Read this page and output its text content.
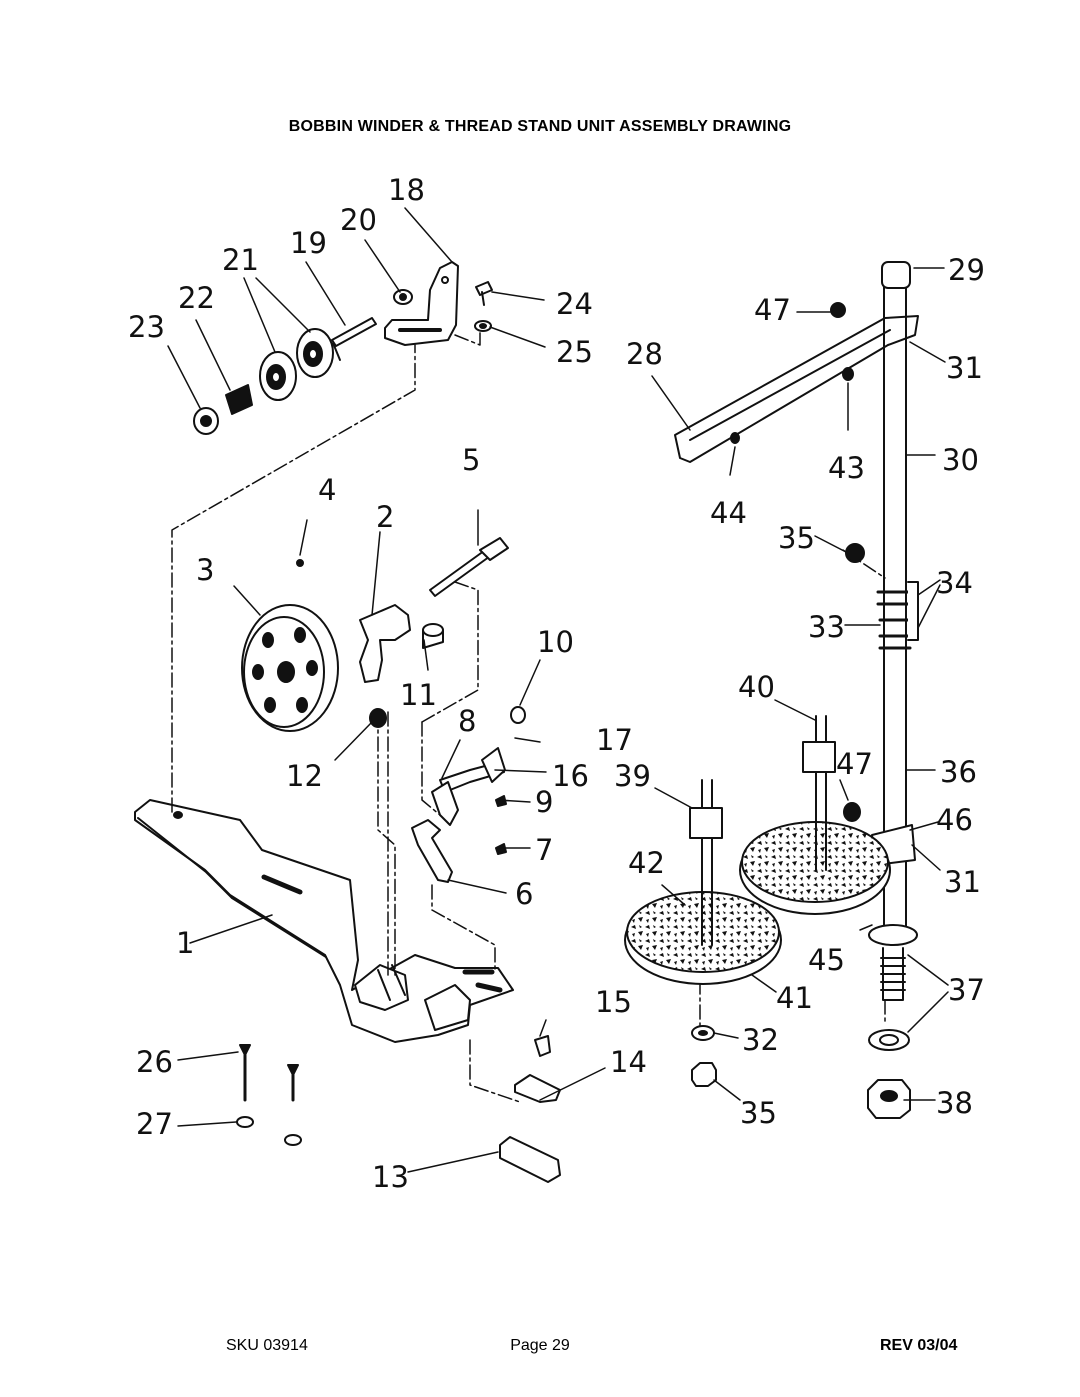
BOBBIN WINDER & THREAD STAND UNIT ASSEMBLY DRAWING
1
2
3
4
5
6
7
8
9
10
11
12
13
14
15
16
17
18
19
20
21
22
23
24
25
26
27
28
29
30
31
31
32
33
34
35
35
36
37
38
39
40
41
42
43
44
45
46
47
47
SKU 03914	Page 29	REV 03/04
